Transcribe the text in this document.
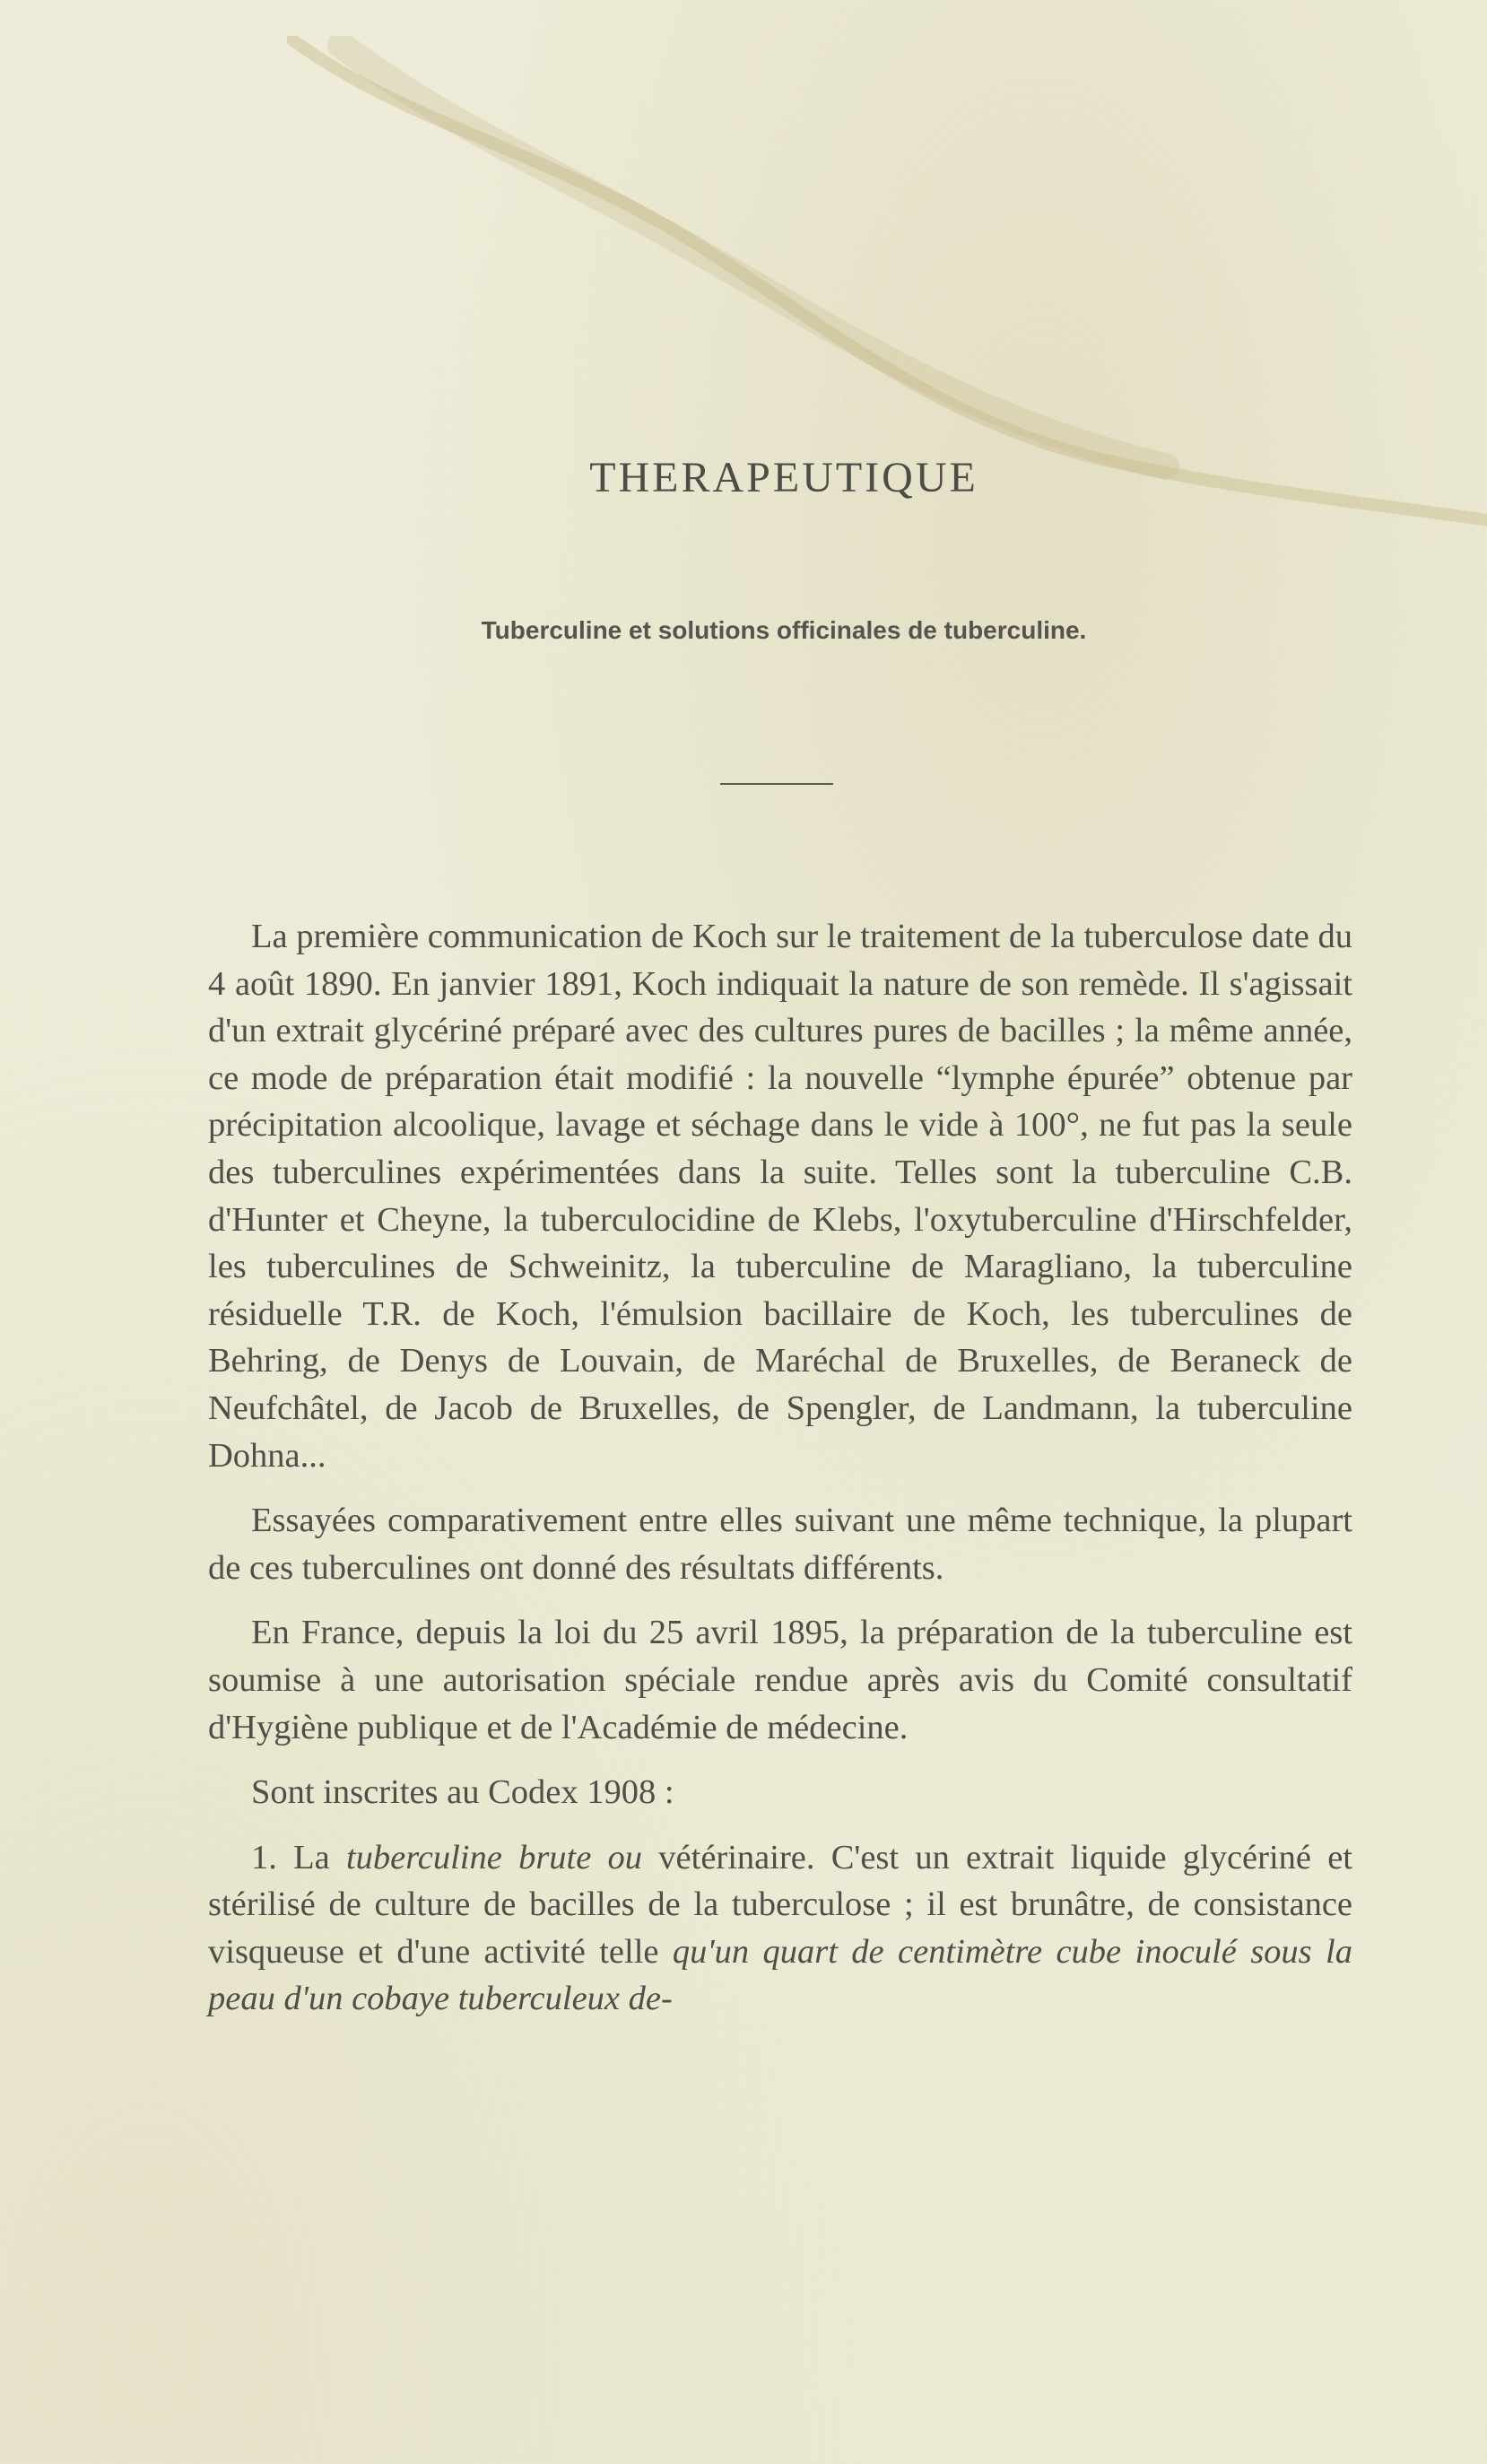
THERAPEUTIQUE
Tuberculine et solutions officinales de tuberculine.

La première communication de Koch sur le traitement de la tuberculose date du 4 août 1890. En janvier 1891, Koch indiquait la nature de son remède. Il s'agissait d'un extrait glycériné préparé avec des cultures pures de bacilles ; la même année, ce mode de préparation était modifié : la nouvelle “lymphe épurée” obtenue par précipitation alcoolique, lavage et séchage dans le vide à 100°, ne fut pas la seule des tuberculines expérimentées dans la suite. Telles sont la tuberculine C.B. d'Hunter et Cheyne, la tuberculocidine de Klebs, l'oxytuberculine d'Hirschfelder, les tuberculines de Schweinitz, la tuberculine de Maragliano, la tuberculine résiduelle T.R. de Koch, l'émulsion bacillaire de Koch, les tuberculines de Behring, de Denys de Louvain, de Maréchal de Bruxelles, de Beraneck de Neufchâtel, de Jacob de Bruxelles, de Spengler, de Landmann, la tuberculine Dohna...

Essayées comparativement entre elles suivant une même technique, la plupart de ces tuberculines ont donné des résultats différents.

En France, depuis la loi du 25 avril 1895, la préparation de la tuberculine est soumise à une autorisation spéciale rendue après avis du Comité consultatif d'Hygiène publique et de l'Académie de médecine.

Sont inscrites au Codex 1908 :

1. La tuberculine brute ou vétérinaire. C'est un extrait liquide glycériné et stérilisé de culture de bacilles de la tuberculose ; il est brunâtre, de consistance visqueuse et d'une activité telle qu'un quart de centimètre cube inoculé sous la peau d'un cobaye tuberculeux de-
